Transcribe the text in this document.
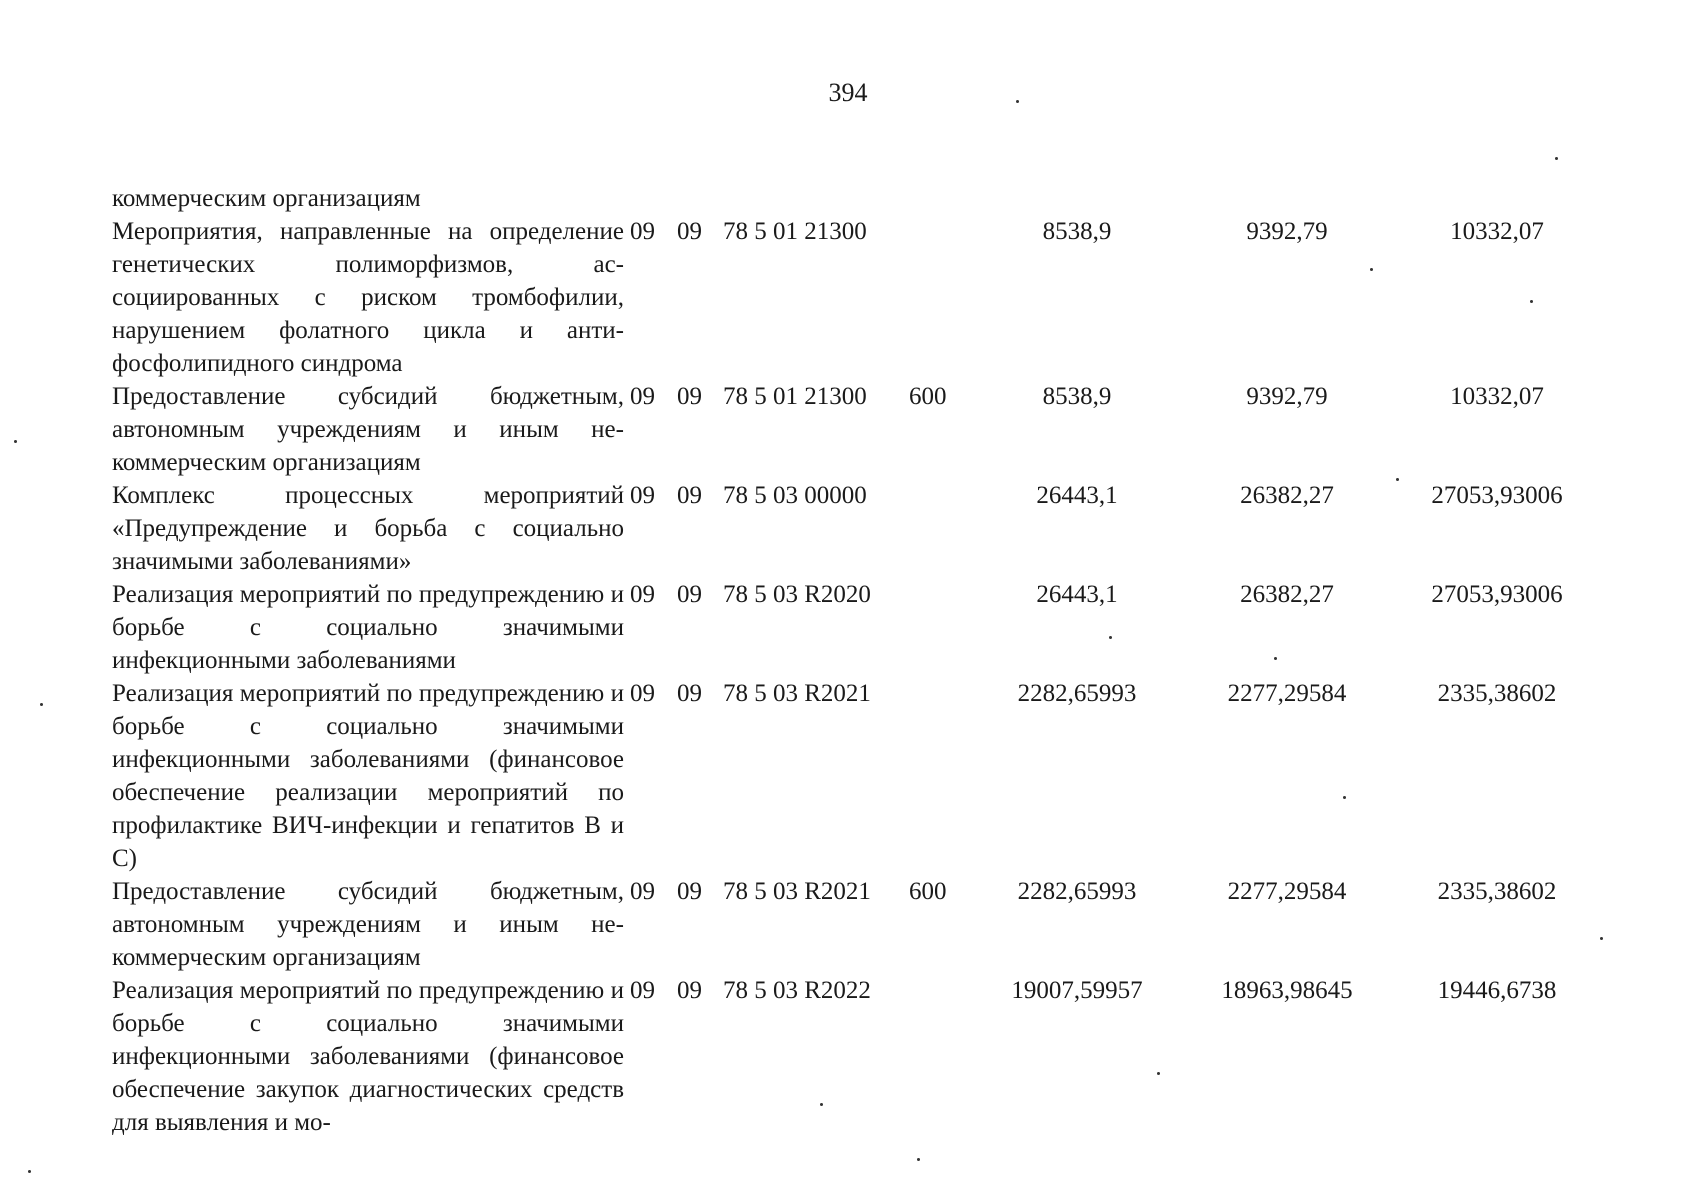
394
коммерческим организациям							
Мероприятия, направленные на определение генетических полиморфизмов, ассоциированных с риском тромбофилии, нарушением фолатного цикла и антифосфолипидного синдрома	09	09	78 5 01 21300		8538,9	9392,79	10332,07
Предоставление субсидий бюджетным, автономным учреждениям и иным некоммерческим организациям	09	09	78 5 01 21300	600	8538,9	9392,79	10332,07
Комплекс процессных мероприятий «Предупреждение и борьба с социально значимыми заболеваниями»	09	09	78 5 03 00000		26443,1	26382,27	27053,93006
Реализация мероприятий по предупреждению и борьбе с социально значимыми инфекционными заболеваниями	09	09	78 5 03 R2020		26443,1	26382,27	27053,93006
Реализация мероприятий по предупреждению и борьбе с социально значимыми инфекционными заболеваниями (финансовое обеспечение реализации мероприятий по профилактике ВИЧ-инфекции и гепатитов В и С)	09	09	78 5 03 R2021		2282,65993	2277,29584	2335,38602
Предоставление субсидий бюджетным, автономным учреждениям и иным некоммерческим организациям	09	09	78 5 03 R2021	600	2282,65993	2277,29584	2335,38602
Реализация мероприятий по предупреждению и борьбе с социально значимыми инфекционными заболеваниями (финансовое обеспечение закупок диагностических средств для выявления и мо-	09	09	78 5 03 R2022		19007,59957	18963,98645	19446,6738
